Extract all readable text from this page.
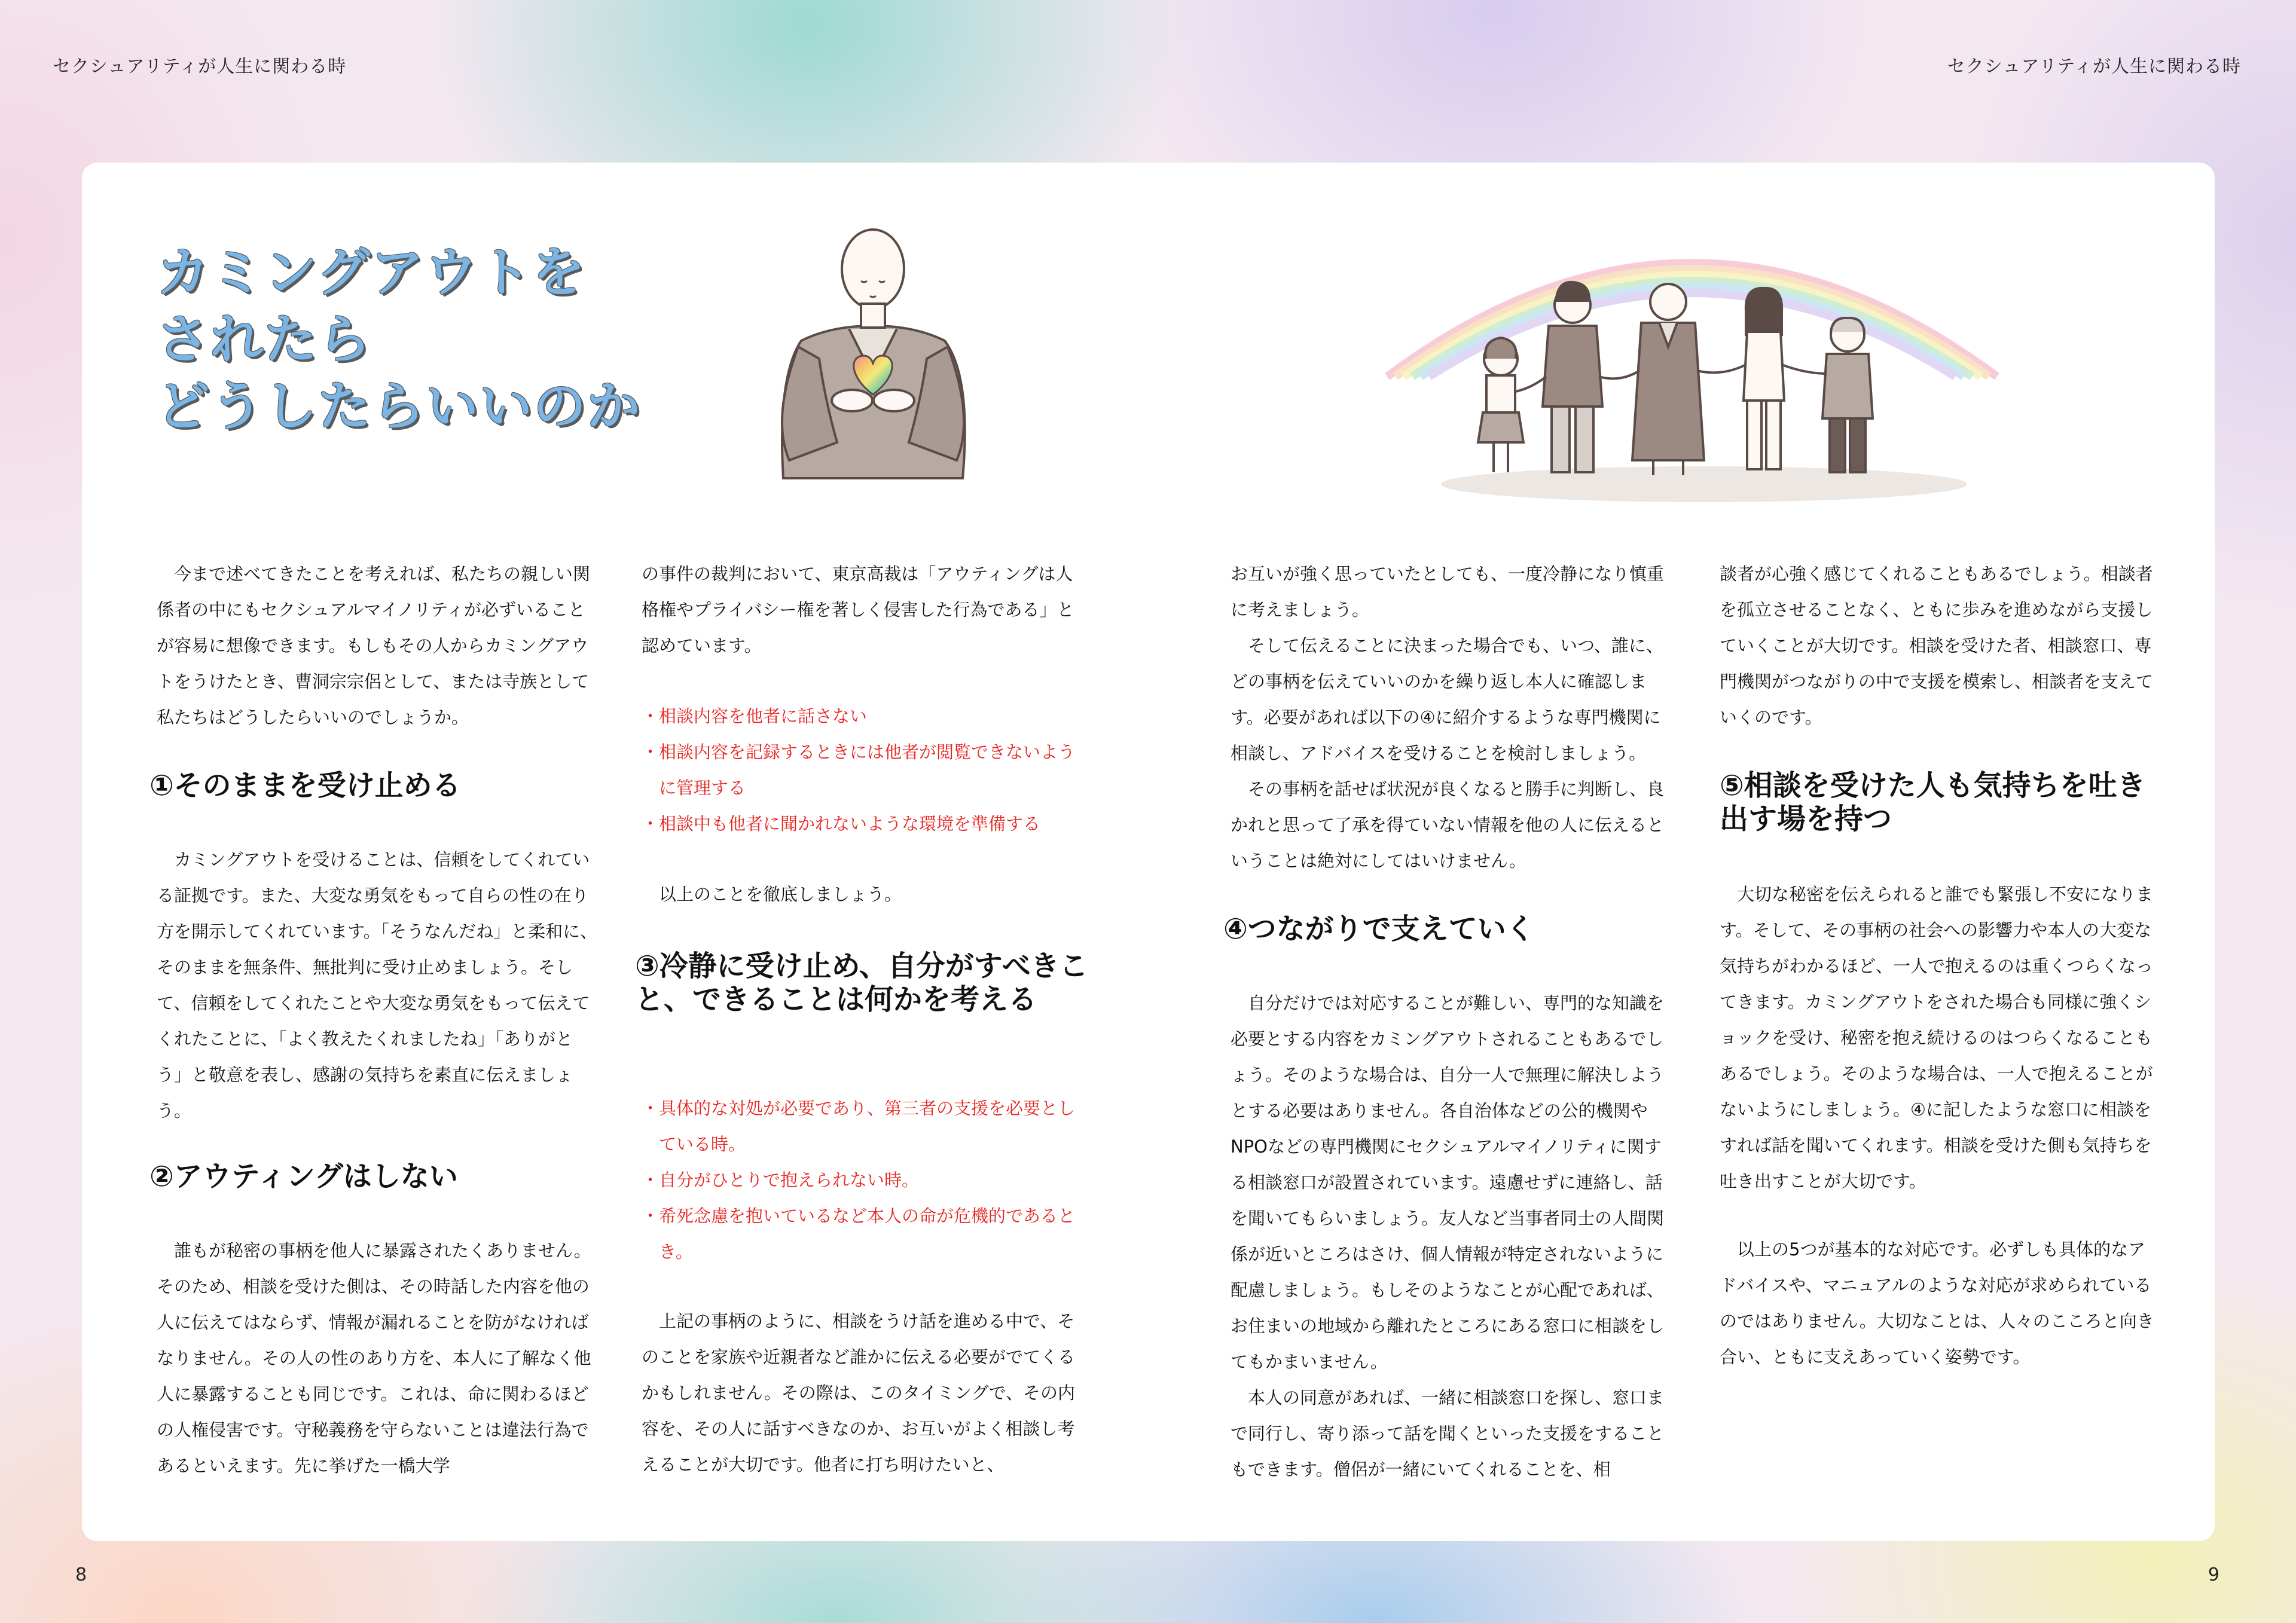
セクシュアリティが人生に関わる時	セクシュアリティが人生に関わる時
カミングアウトを
されたら
どうしたらいいのか

今まで述べてきたことを考えれば、私たちの親しい関係者の中にもセクシュアルマイノリティが必ずいることが容易に想像できます。もしもその人からカミングアウトをうけたとき、曹洞宗宗侶として、または寺族として私たちはどうしたらいいのでしょうか。

①そのままを受け止める

カミングアウトを受けることは、信頼をしてくれている証拠です。また、大変な勇気をもって自らの性の在り方を開示してくれています。「そうなんだね」と柔和に、そのままを無条件、無批判に受け止めましょう。そして、信頼をしてくれたことや大変な勇気をもって伝えてくれたことに、「よく教えたくれましたね」「ありがとう」と敬意を表し、感謝の気持ちを素直に伝えましょう。

②アウティングはしない

誰もが秘密の事柄を他人に暴露されたくありません。そのため、相談を受けた側は、その時話した内容を他の人に伝えてはならず、情報が漏れることを防がなければなりません。その人の性のあり方を、本人に了解なく他人に暴露することも同じです。これは、命に関わるほどの人権侵害です。守秘義務を守らないことは違法行為であるといえます。先に挙げた一橋大学

の事件の裁判において、東京高裁は「アウティングは人格権やプライバシー権を著しく侵害した行為である」と認めています。

・ 相談内容を他者に話さない
・ 相談内容を記録するときには他者が閲覧できないように管理する
・ 相談中も他者に聞かれないような環境を準備する

以上のことを徹底しましょう。

③冷静に受け止め、自分がすべきこと、できることは何かを考える
・ 具体的な対処が必要であり、第三者の支援を必要としている時。
・ 自分がひとりで抱えられない時。
・ 希死念慮を抱いているなど本人の命が危機的であるとき。

上記の事柄のように、相談をうけ話を進める中で、そのことを家族や近親者など誰かに伝える必要がでてくるかもしれません。その際は、このタイミングで、その内容を、その人に話すべきなのか、お互いがよく相談し考えることが大切です。他者に打ち明けたいと、

お互いが強く思っていたとしても、一度冷静になり慎重に考えましょう。

そして伝えることに決まった場合でも、いつ、誰に、どの事柄を伝えていいのかを繰り返し本人に確認します。必要があれば以下の④に紹介するような専門機関に相談し、アドバイスを受けることを検討しましょう。

その事柄を話せば状況が良くなると勝手に判断し、良かれと思って了承を得ていない情報を他の人に伝えるということは絶対にしてはいけません。

④つながりで支えていく

自分だけでは対応することが難しい、専門的な知識を必要とする内容をカミングアウトされることもあるでしょう。そのような場合は、自分一人で無理に解決しようとする必要はありません。各自治体などの公的機関やNPOなどの専門機関にセクシュアルマイノリティに関する相談窓口が設置されています。遠慮せずに連絡し、話を聞いてもらいましょう。友人など当事者同士の人間関係が近いところはさけ、個人情報が特定されないように配慮しましょう。もしそのようなことが心配であれば、お住まいの地域から離れたところにある窓口に相談をしてもかまいません。

本人の同意があれば、一緒に相談窓口を探し、窓口まで同行し、寄り添って話を聞くといった支援をすることもできます。僧侶が一緒にいてくれることを、相

談者が心強く感じてくれることもあるでしょう。相談者を孤立させることなく、ともに歩みを進めながら支援していくことが大切です。相談を受けた者、相談窓口、専門機関がつながりの中で支援を模索し、相談者を支えていくのです。

⑤相談を受けた人も気持ちを吐き出す場を持つ

大切な秘密を伝えられると誰でも緊張し不安になります。そして、その事柄の社会への影響力や本人の大変な気持ちがわかるほど、一人で抱えるのは重くつらくなってきます。カミングアウトをされた場合も同様に強くショックを受け、秘密を抱え続けるのはつらくなることもあるでしょう。そのような場合は、一人で抱えることがないようにしましょう。④に記したような窓口に相談をすれば話を聞いてくれます。相談を受けた側も気持ちを吐き出すことが大切です。

以上の5つが基本的な対応です。必ずしも具体的なアドバイスや、マニュアルのような対応が求められているのではありません。大切なことは、人々のこころと向き合い、ともに支えあっていく姿勢です。

8	9
